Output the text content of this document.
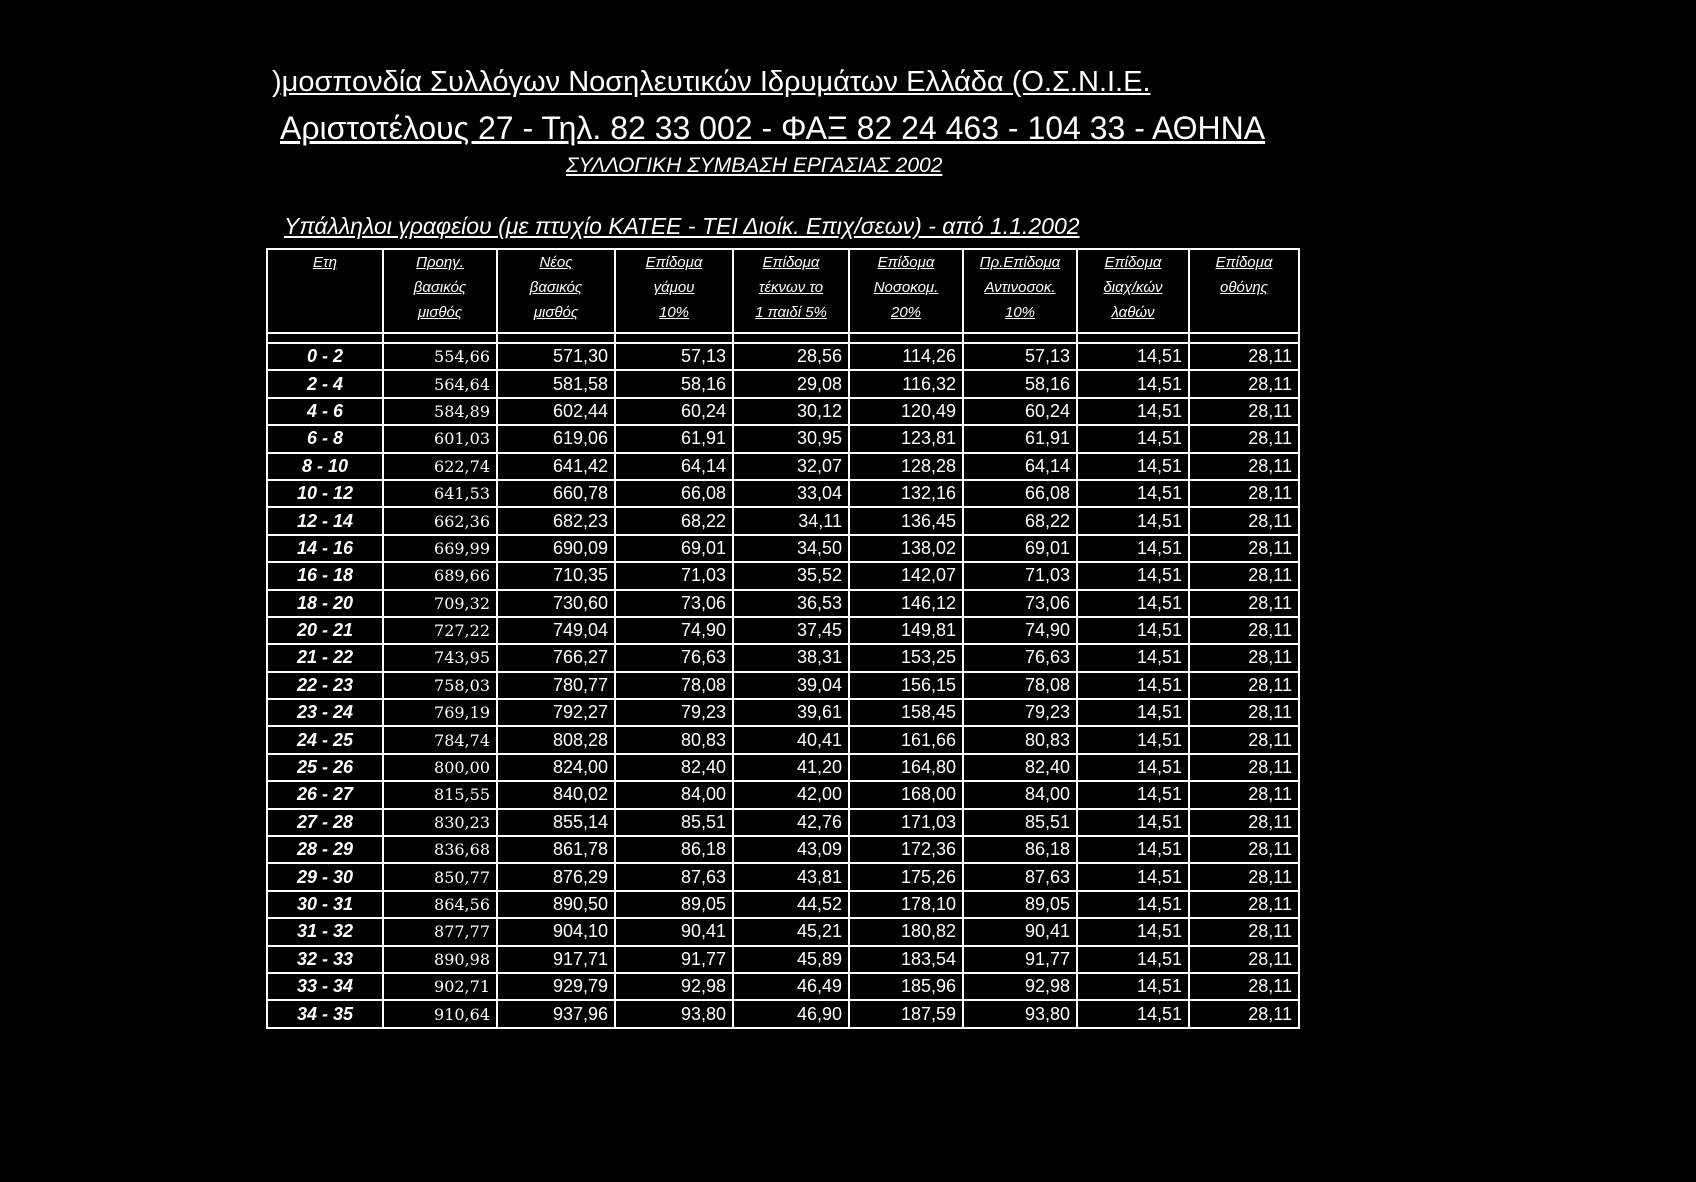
)μοσπονδία Συλλόγων Νοσηλευτικών Ιδρυμάτων Ελλάδα (Ο.Σ.Ν.Ι.Ε.
Αριστοτέλους 27 - Τηλ. 82 33 002 - ΦΑΞ 82 24 463 - 104 33 - ΑΘΗΝΑ
ΣΥΛΛΟΓΙΚΗ ΣΥΜΒΑΣΗ ΕΡΓΑΣΙΑΣ 2002
Υπάλληλοι γραφείου (με πτυχίο ΚΑΤΕΕ - ΤΕΙ Διοίκ. Επιχ/σεων) - από 1.1.2002
Ετη	Προηγ.
βασικός
μισθός	Νέος
βασικός
μισθός	Επίδομα
γάμου
10%	Επίδομα
τέκνων το
1 παιδί 5%	Επίδομα
Νοσοκομ.
20%	Πρ.Επίδομα
Αντινοσοκ.
10%	Επίδομα
διαχ/κών
λαθών	Επίδομα
οθόνης

0 - 2	554,66	571,30	57,13	28,56	114,26	57,13	14,51	28,11
2 - 4	564,64	581,58	58,16	29,08	116,32	58,16	14,51	28,11
4 - 6	584,89	602,44	60,24	30,12	120,49	60,24	14,51	28,11
6 - 8	601,03	619,06	61,91	30,95	123,81	61,91	14,51	28,11
8 - 10	622,74	641,42	64,14	32,07	128,28	64,14	14,51	28,11
10 - 12	641,53	660,78	66,08	33,04	132,16	66,08	14,51	28,11
12 - 14	662,36	682,23	68,22	34,11	136,45	68,22	14,51	28,11
14 - 16	669,99	690,09	69,01	34,50	138,02	69,01	14,51	28,11
16 - 18	689,66	710,35	71,03	35,52	142,07	71,03	14,51	28,11
18 - 20	709,32	730,60	73,06	36,53	146,12	73,06	14,51	28,11
20 - 21	727,22	749,04	74,90	37,45	149,81	74,90	14,51	28,11
21 - 22	743,95	766,27	76,63	38,31	153,25	76,63	14,51	28,11
22 - 23	758,03	780,77	78,08	39,04	156,15	78,08	14,51	28,11
23 - 24	769,19	792,27	79,23	39,61	158,45	79,23	14,51	28,11
24 - 25	784,74	808,28	80,83	40,41	161,66	80,83	14,51	28,11
25 - 26	800,00	824,00	82,40	41,20	164,80	82,40	14,51	28,11
26 - 27	815,55	840,02	84,00	42,00	168,00	84,00	14,51	28,11
27 - 28	830,23	855,14	85,51	42,76	171,03	85,51	14,51	28,11
28 - 29	836,68	861,78	86,18	43,09	172,36	86,18	14,51	28,11
29 - 30	850,77	876,29	87,63	43,81	175,26	87,63	14,51	28,11
30 - 31	864,56	890,50	89,05	44,52	178,10	89,05	14,51	28,11
31 - 32	877,77	904,10	90,41	45,21	180,82	90,41	14,51	28,11
32 - 33	890,98	917,71	91,77	45,89	183,54	91,77	14,51	28,11
33 - 34	902,71	929,79	92,98	46,49	185,96	92,98	14,51	28,11
34 - 35	910,64	937,96	93,80	46,90	187,59	93,80	14,51	28,11
